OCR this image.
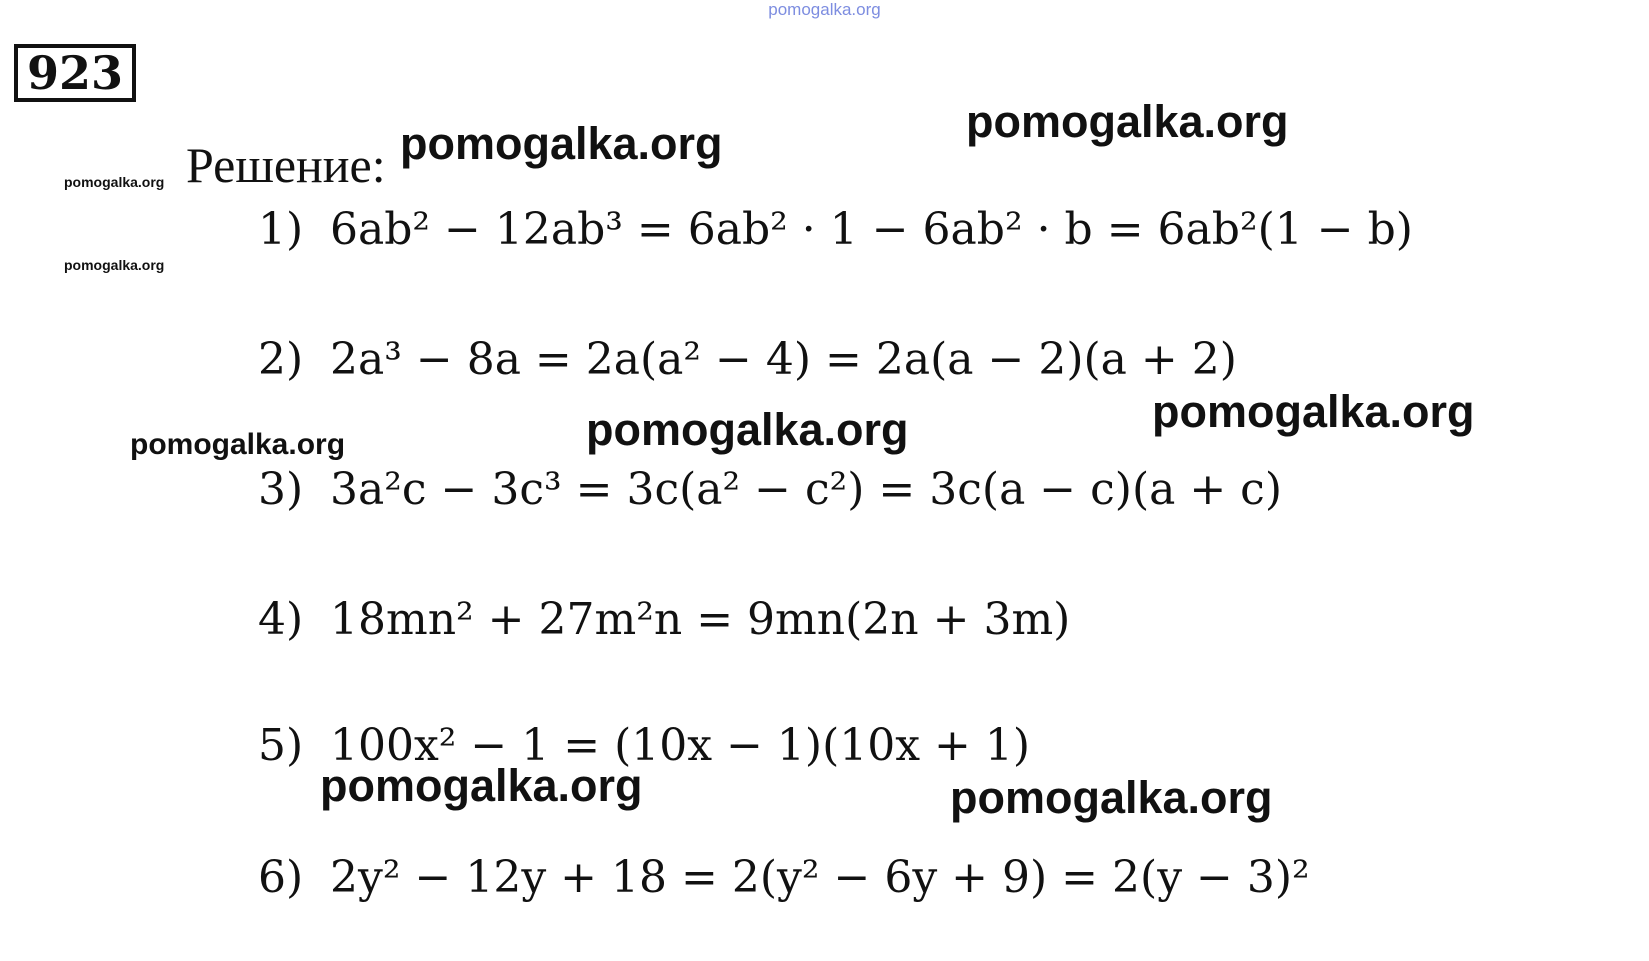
pomogalka.org
923
Решение: pomogalka.org	pomogalka.org
pomogalka.org
pomogalka.org
pomogalka.org	pomogalka.org	pomogalka.org
pomogalka.org	pomogalka.org
1) 6ab² − 12ab³ = 6ab² · 1 − 6ab² · b = 6ab²(1 − b)
2) 2a³ − 8a = 2a(a² − 4) = 2a(a − 2)(a + 2)
3) 3a²c − 3c³ = 3c(a² − c²) = 3c(a − c)(a + c)
4) 18mn² + 27m²n = 9mn(2n + 3m)
5) 100x² − 1 = (10x − 1)(10x + 1)
6) 2y² − 12y + 18 = 2(y² − 6y + 9) = 2(y − 3)²
